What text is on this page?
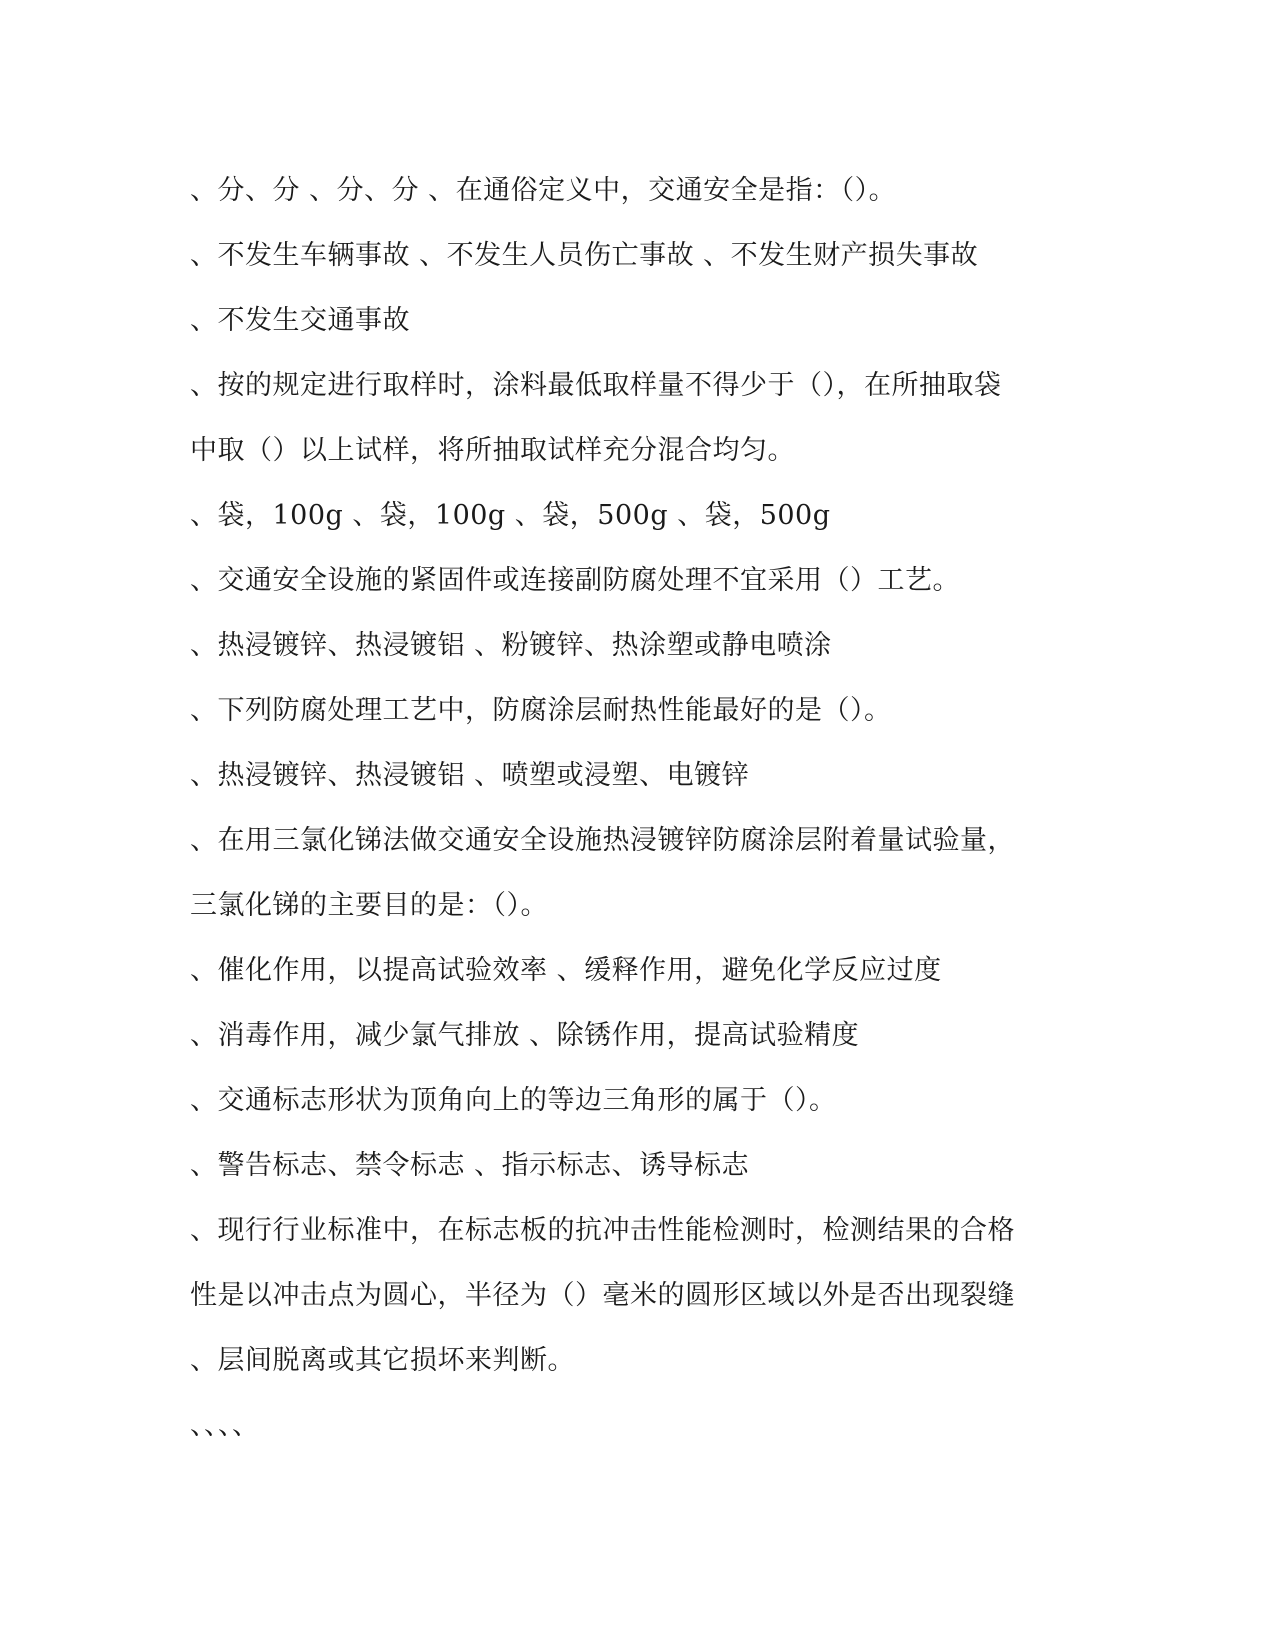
、分、分 、分、分 、在通俗定义中，交通安全是指：（）。
、不发生车辆事故 、不发生人员伤亡事故 、不发生财产损失事故
、不发生交通事故
、按的规定进行取样时，涂料最低取样量不得少于（），在所抽取袋
中取（）以上试样，将所抽取试样充分混合均匀。
、袋，100g 、袋，100g 、袋，500g 、袋，500g
、交通安全设施的紧固件或连接副防腐处理不宜采用（）工艺。
、热浸镀锌、热浸镀铝 、粉镀锌、热涂塑或静电喷涂
、下列防腐处理工艺中，防腐涂层耐热性能最好的是（）。
、热浸镀锌、热浸镀铝 、喷塑或浸塑、电镀锌
、在用三氯化锑法做交通安全设施热浸镀锌防腐涂层附着量试验量，
三氯化锑的主要目的是：（）。
、催化作用，以提高试验效率 、缓释作用，避免化学反应过度
、消毒作用，减少氯气排放 、除锈作用，提高试验精度
、交通标志形状为顶角向上的等边三角形的属于（）。
、警告标志、禁令标志 、指示标志、诱导标志
、现行行业标准中，在标志板的抗冲击性能检测时，检测结果的合格
性是以冲击点为圆心，半径为（）毫米的圆形区域以外是否出现裂缝
、层间脱离或其它损坏来判断。
、、、、
